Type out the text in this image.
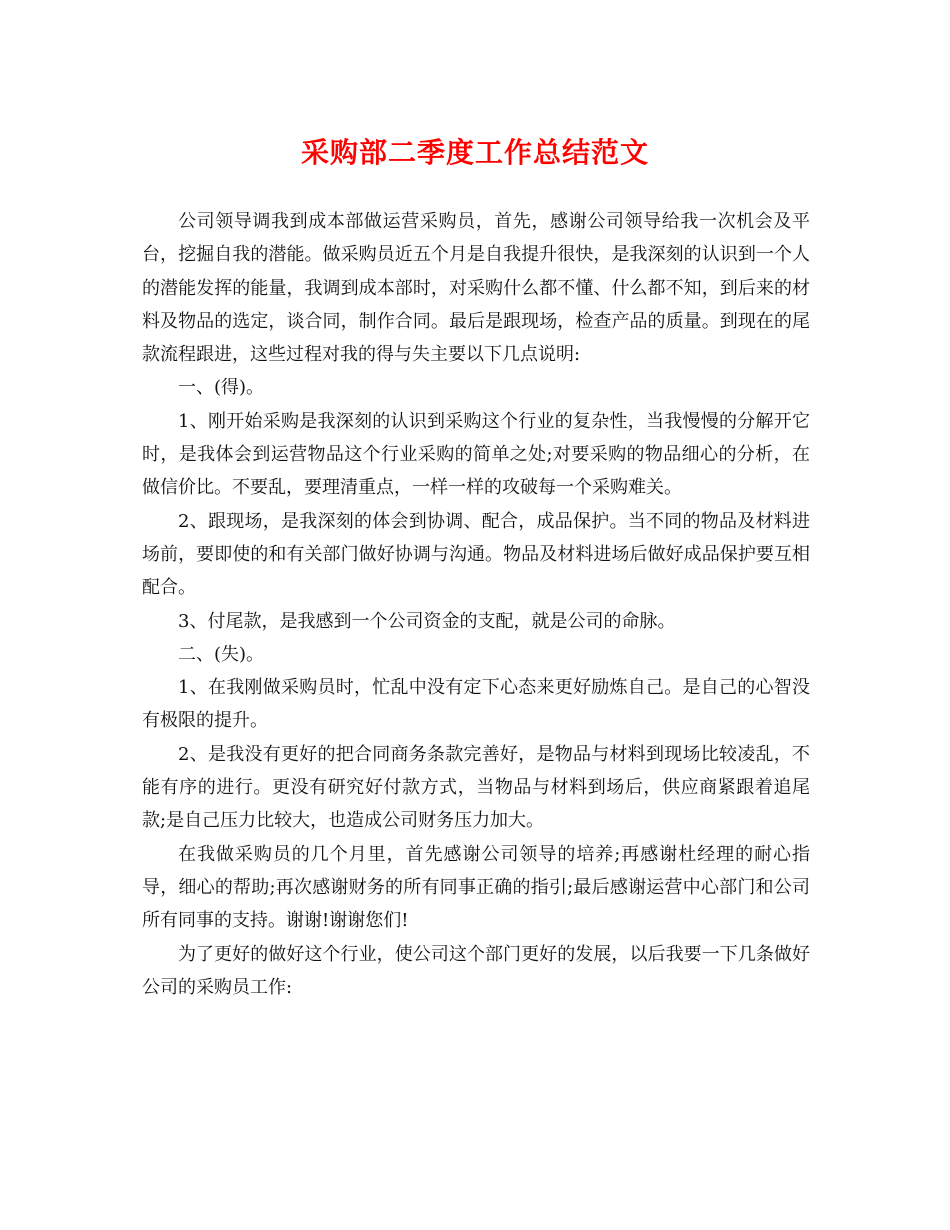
采购部二季度工作总结范文

公司领导调我到成本部做运营采购员，首先，感谢公司领导给我一次机会及平台，挖掘自我的潜能。做采购员近五个月是自我提升很快，是我深刻的认识到一个人的潜能发挥的能量，我调到成本部时，对采购什么都不懂、什么都不知，到后来的材料及物品的选定，谈合同，制作合同。最后是跟现场，检查产品的质量。到现在的尾款流程跟进，这些过程对我的得与失主要以下几点说明:

一、(得)。

1、刚开始采购是我深刻的认识到采购这个行业的复杂性，当我慢慢的分解开它时，是我体会到运营物品这个行业采购的简单之处;对要采购的物品细心的分析，在做信价比。不要乱，要理清重点，一样一样的攻破每一个采购难关。

2、跟现场，是我深刻的体会到协调、配合，成品保护。当不同的物品及材料进场前，要即使的和有关部门做好协调与沟通。物品及材料进场后做好成品保护要互相配合。

3、付尾款，是我感到一个公司资金的支配，就是公司的命脉。

二、(失)。

1、在我刚做采购员时，忙乱中没有定下心态来更好励炼自己。是自己的心智没有极限的提升。

2、是我没有更好的把合同商务条款完善好，是物品与材料到现场比较凌乱，不能有序的进行。更没有研究好付款方式，当物品与材料到场后，供应商紧跟着追尾款;是自己压力比较大，也造成公司财务压力加大。

在我做采购员的几个月里，首先感谢公司领导的培养;再感谢杜经理的耐心指导，细心的帮助;再次感谢财务的所有同事正确的指引;最后感谢运营中心部门和公司所有同事的支持。谢谢!谢谢您们!

为了更好的做好这个行业，使公司这个部门更好的发展，以后我要一下几条做好公司的采购员工作:
